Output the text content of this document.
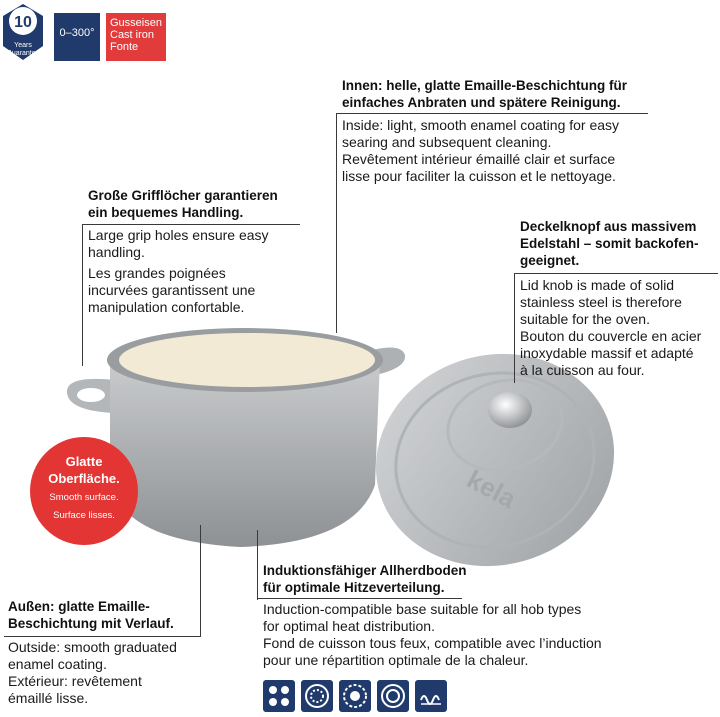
10
Years
Guarantee
0–300°
Gusseisen
Cast iron
Fonte
kela
Glatte
Oberfläche.
Smooth surface.
Surface lisses.
Innen: helle, glatte Emaille-Beschichtung für
einfaches Anbraten und spätere Reinigung.
Inside: light, smooth enamel coating for easy
searing and subsequent cleaning.
Revêtement intérieur émaillé clair et surface
lisse pour faciliter la cuisson et le nettoyage.
Große Grifflöcher garantieren
ein bequemes Handling.
Large grip holes ensure easy
handling.
Les grandes poignées
incurvées garantissent une
manipulation confortable.
Deckelknopf aus massivem
Edelstahl – somit backofen-
geeignet.
Lid knob is made of solid
stainless steel is therefore
suitable for the oven.
Bouton du couvercle en acier
inoxydable massif et adapté
à la cuisson au four.
Induktionsfähiger Allherdboden
für optimale Hitzeverteilung.
Induction-compatible base suitable for all hob types
for optimal heat distribution.
Fond de cuisson tous feux, compatible avec l’induction
pour une répartition optimale de la chaleur.
Außen: glatte Emaille-
Beschichtung mit Verlauf.
Outside: smooth graduated
enamel coating.
Extérieur: revêtement
émaillé lisse.
